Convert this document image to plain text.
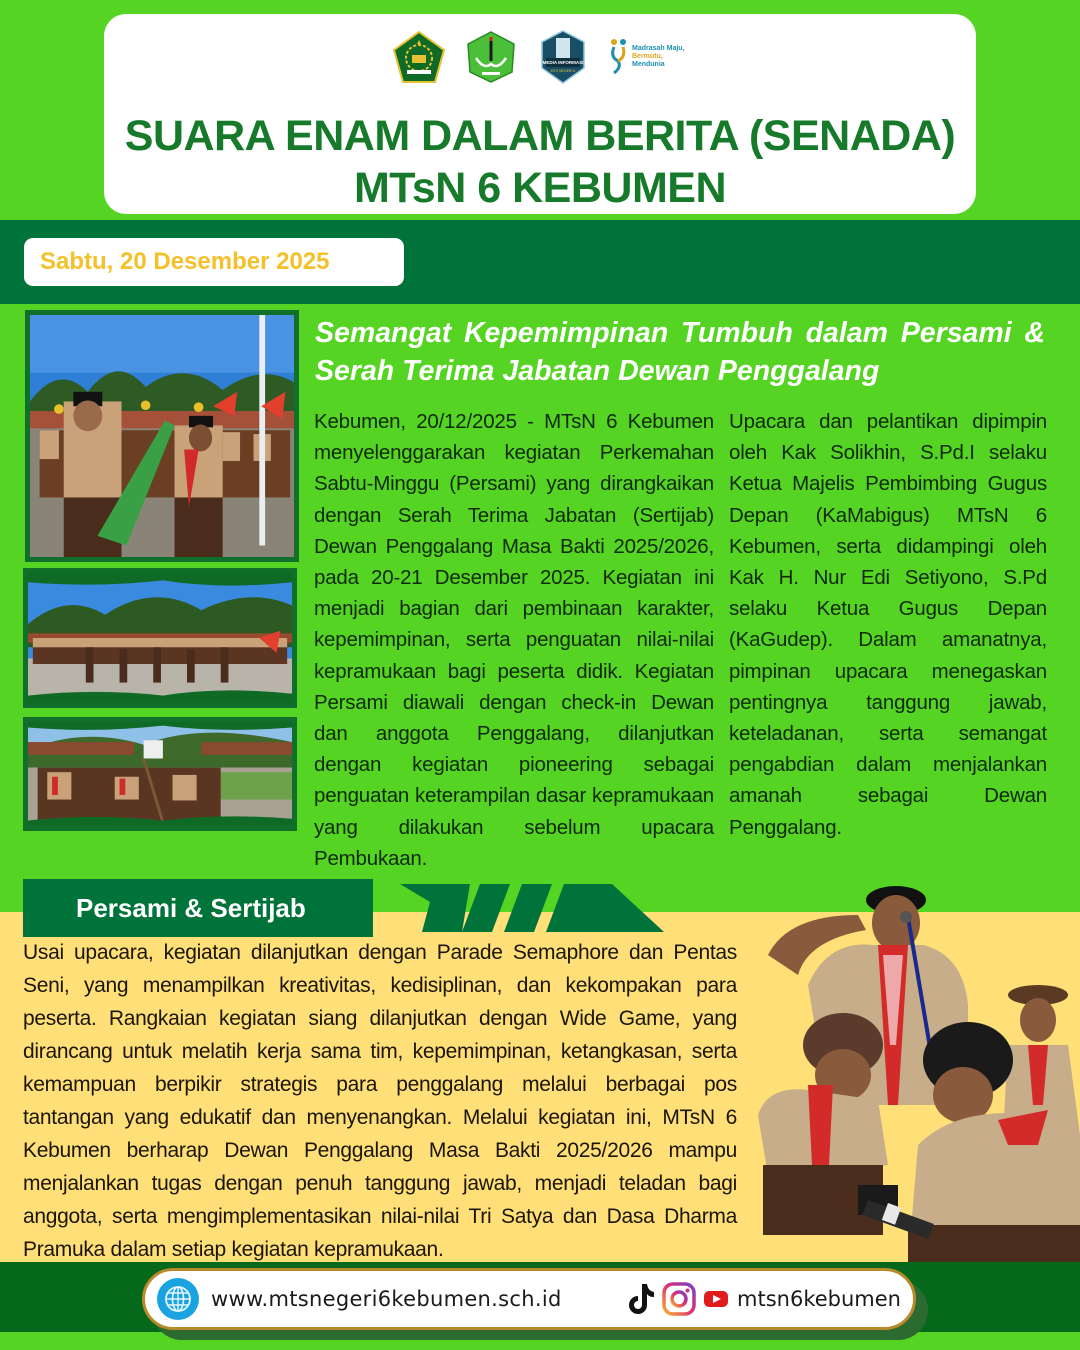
MEDIA INFORMASI
MTS NEGERI 6
Madrasah Maju,
Bermutu,
Mendunia
SUARA ENAM DALAM BERITA (SENADA)
MTsN 6 KEBUMEN
Sabtu, 20 Desember 2025
Semangat Kepemimpinan Tumbuh dalam Persami & Serah Terima Jabatan Dewan Penggalang
Kebumen, 20/12/2025 - MTsN 6 Kebumen menyelenggarakan kegiatan Perkemahan Sabtu-Minggu (Persami) yang dirangkaikan dengan Serah Terima Jabatan (Sertijab) Dewan Penggalang Masa Bakti 2025/2026, pada 20-21 Desember 2025. Kegiatan ini menjadi bagian dari pembinaan karakter, kepemimpinan, serta penguatan nilai-nilai kepramukaan bagi peserta didik. Kegiatan Persami diawali dengan check-in Dewan dan anggota Penggalang, dilanjutkan dengan kegiatan pioneering sebagai penguatan keterampilan dasar kepramukaan yang dilakukan sebelum upacara Pembukaan.
Upacara dan pelantikan dipimpin oleh Kak Solikhin, S.Pd.I selaku Ketua Majelis Pembimbing Gugus Depan (KaMabigus) MTsN 6 Kebumen, serta didampingi oleh Kak H. Nur Edi Setiyono, S.Pd selaku Ketua Gugus Depan (KaGudep). Dalam amanatnya, pimpinan upacara menegaskan pentingnya tanggung jawab, keteladanan, serta semangat pengabdian dalam menjalankan amanah sebagai Dewan Penggalang.
Persami & Sertijab
Usai upacara, kegiatan dilanjutkan dengan Parade Semaphore dan Pentas Seni, yang menampilkan kreativitas, kedisiplinan, dan kekompakan para peserta. Rangkaian kegiatan siang dilanjutkan dengan Wide Game, yang dirancang untuk melatih kerja sama tim, kepemimpinan, ketangkasan, serta kemampuan berpikir strategis para penggalang melalui berbagai pos tantangan yang edukatif dan menyenangkan. Melalui kegiatan ini, MTsN 6 Kebumen berharap Dewan Penggalang Masa Bakti 2025/2026 mampu menjalankan tugas dengan penuh tanggung jawab, menjadi teladan bagi anggota, serta mengimplementasikan nilai-nilai Tri Satya dan Dasa Dharma Pramuka dalam setiap kegiatan kepramukaan.
www.mtsnegeri6kebumen.sch.id	mtsn6kebumen
